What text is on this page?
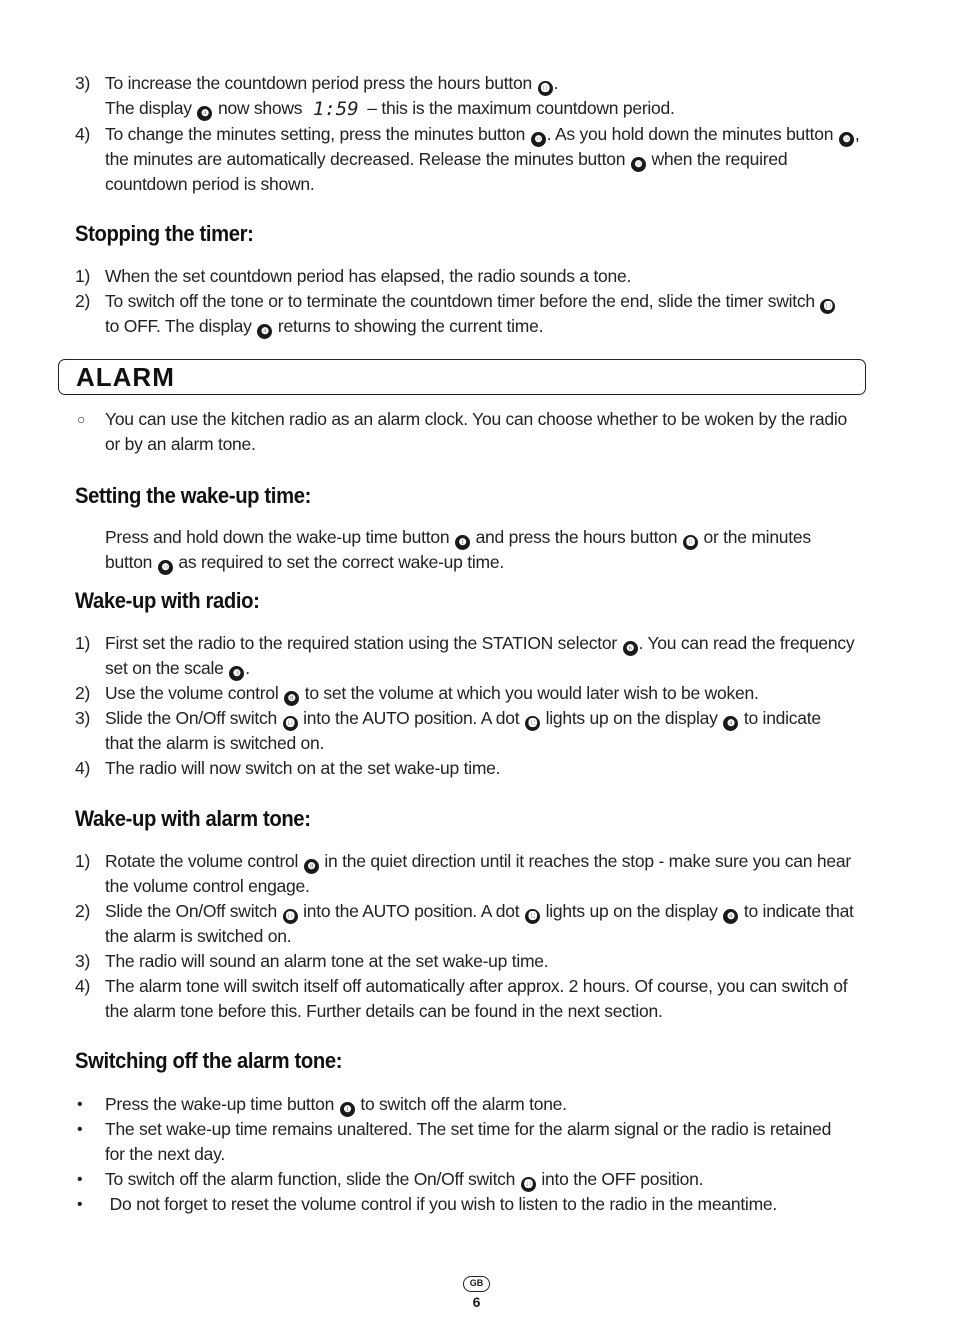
3) To increase the countdown period press the hours button ⓫ .
The display ❹ now shows 1:59 – this is the maximum countdown period.
4) To change the minutes setting, press the minutes button ❿ . As you hold down the minutes button ❿ ,
the minutes are automatically decreased. Release the minutes button ❿ when the required
countdown period is shown.
Stopping the timer:
1) When the set countdown period has elapsed, the radio sounds a tone.
2) To switch off the tone or to terminate the countdown timer before the end, slide the timer switch ⓭
to OFF. The display ❹ returns to showing the current time.
ALARM
○	You can use the kitchen radio as an alarm clock. You can choose whether to be woken by the radio
or by an alarm tone.
Setting the wake-up time:
Press and hold down the wake-up time button ❶ and press the hours button ⓫ or the minutes
button ❿ as required to set the correct wake-up time.
Wake-up with radio:
1) First set the radio to the required station using the STATION selector ❻ . You can read the frequency
set on the scale ❸ .
2) Use the volume control ❽ to set the volume at which you would later wish to be woken.
3) Slide the On/Off switch ⓮ into the AUTO position. A dot ⓬ lights up on the display ❹ to indicate
that the alarm is switched on.
4) The radio will now switch on at the set wake-up time.
Wake-up with alarm tone:
1) Rotate the volume control ❽ in the quiet direction until it reaches the stop - make sure you can hear
the volume control engage.
2) Slide the On/Off switch ⓮ into the AUTO position. A dot ⓬ lights up on the display ❹ to indicate that
the alarm is switched on.
3) The radio will sound an alarm tone at the set wake-up time.
4) The alarm tone will switch itself off automatically after approx. 2 hours. Of course, you can switch of
the alarm tone before this. Further details can be found in the next section.
Switching off the alarm tone:
•	Press the wake-up time button ❶ to switch off the alarm tone.
•	The set wake-up time remains unaltered. The set time for the alarm signal or the radio is retained
for the next day.
•	To switch off the alarm function, slide the On/Off switch ⓮ into the OFF position.
•	Do not forget to reset the volume control if you wish to listen to the radio in the meantime.
GB
6
